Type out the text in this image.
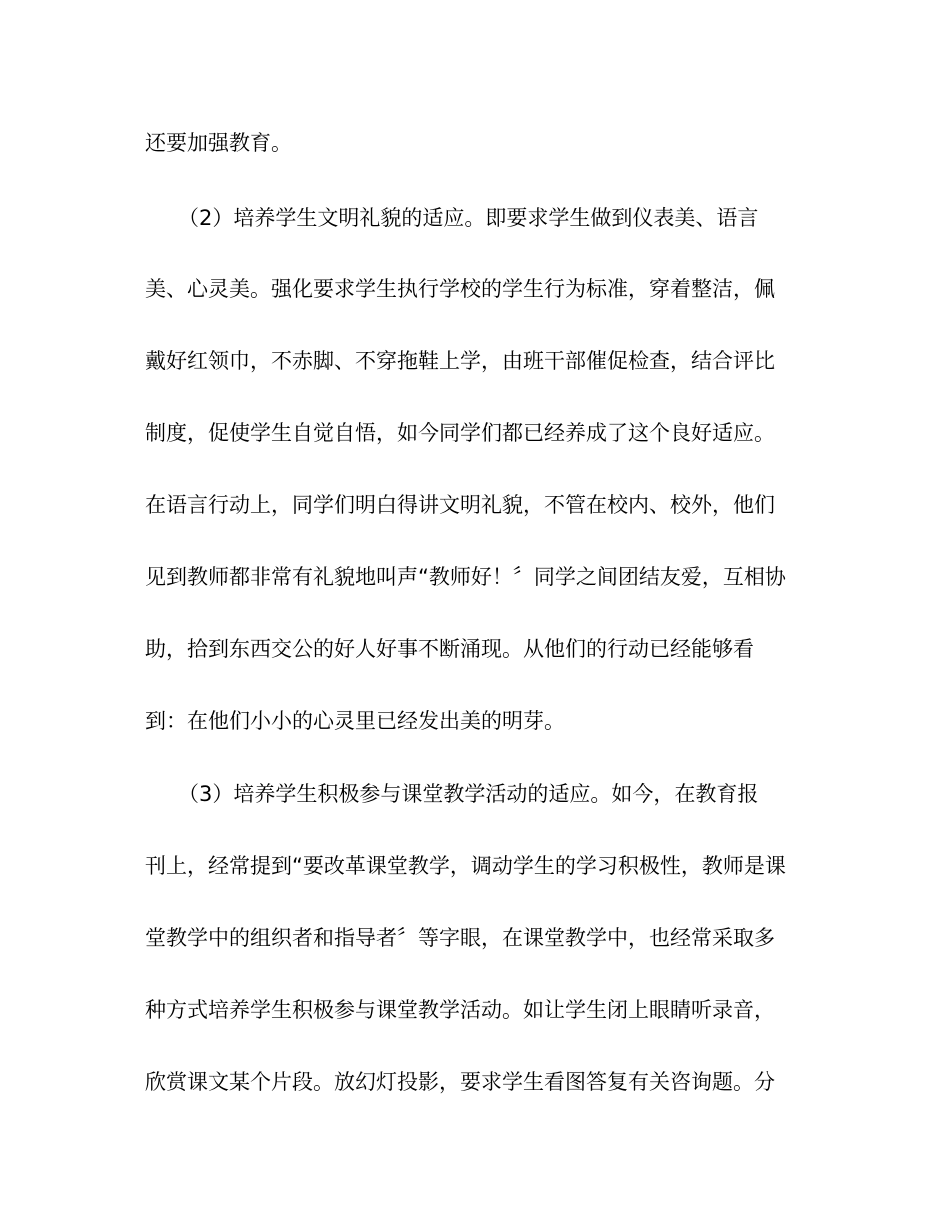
还要加强教育。
（2）培养学生文明礼貌的适应。即要求学生做到仪表美、语言
美、心灵美。强化要求学生执行学校的学生行为标准，穿着整洁，佩
戴好红领巾，不赤脚、不穿拖鞋上学，由班干部催促检查，结合评比
制度，促使学生自觉自悟，如今同学们都已经养成了这个良好适应。
在语言行动上，同学们明白得讲文明礼貌，不管在校内、校外，他们
见到教师都非常有礼貌地叫声“教师好！〞同学之间团结友爱，互相协
助，拾到东西交公的好人好事不断涌现。从他们的行动已经能够看
到：在他们小小的心灵里已经发出美的明芽。
（3）培养学生积极参与课堂教学活动的适应。如今，在教育报
刊上，经常提到“要改革课堂教学，调动学生的学习积极性，教师是课
堂教学中的组织者和指导者〞等字眼，在课堂教学中，也经常采取多
种方式培养学生积极参与课堂教学活动。如让学生闭上眼睛听录音，
欣赏课文某个片段。放幻灯投影，要求学生看图答复有关咨询题。分
